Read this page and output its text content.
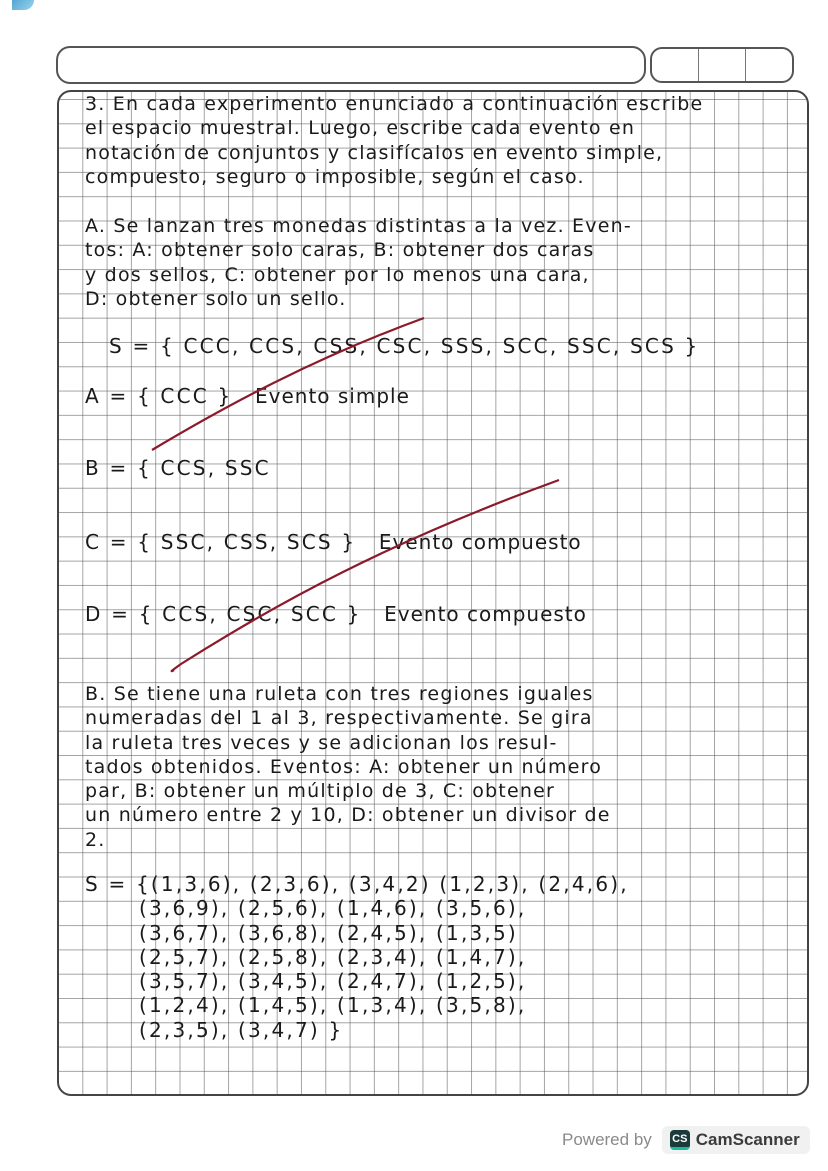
3. En cada experimento enunciado a continuación escribe
el espacio muestral. Luego, escribe cada evento en
notación de conjuntos y clasifícalos en evento simple,
compuesto, seguro o imposible, según el caso.
A. Se lanzan tres monedas distintas a la vez. Even-
tos: A: obtener solo caras, B: obtener dos caras
y dos sellos, C: obtener por lo menos una cara,
D: obtener solo un sello.
S = { CCC, CCS, CSS, CSC, SSS, SCC, SSC, SCS }
A = { CCC } Evento simple
B = { CCS, SSC
C = { SSC, CSS, SCS } Evento compuesto
D = { CCS, CSC, SCC } Evento compuesto
B. Se tiene una ruleta con tres regiones iguales
numeradas del 1 al 3, respectivamente. Se gira
la ruleta tres veces y se adicionan los resul-
tados obtenidos. Eventos: A: obtener un número
par, B: obtener un múltiplo de 3, C: obtener
un número entre 2 y 10, D: obtener un divisor de
2.
S = {(1,3,6), (2,3,6), (3,4,2) (1,2,3), (2,4,6),
(3,6,9), (2,5,6), (1,4,6), (3,5,6),
(3,6,7), (3,6,8), (2,4,5), (1,3,5)
(2,5,7), (2,5,8), (2,3,4), (1,4,7),
(3,5,7), (3,4,5), (2,4,7), (1,2,5),
(1,2,4), (1,4,5), (1,3,4), (3,5,8),
(2,3,5), (3,4,7) }
Powered by CS CamScanner
